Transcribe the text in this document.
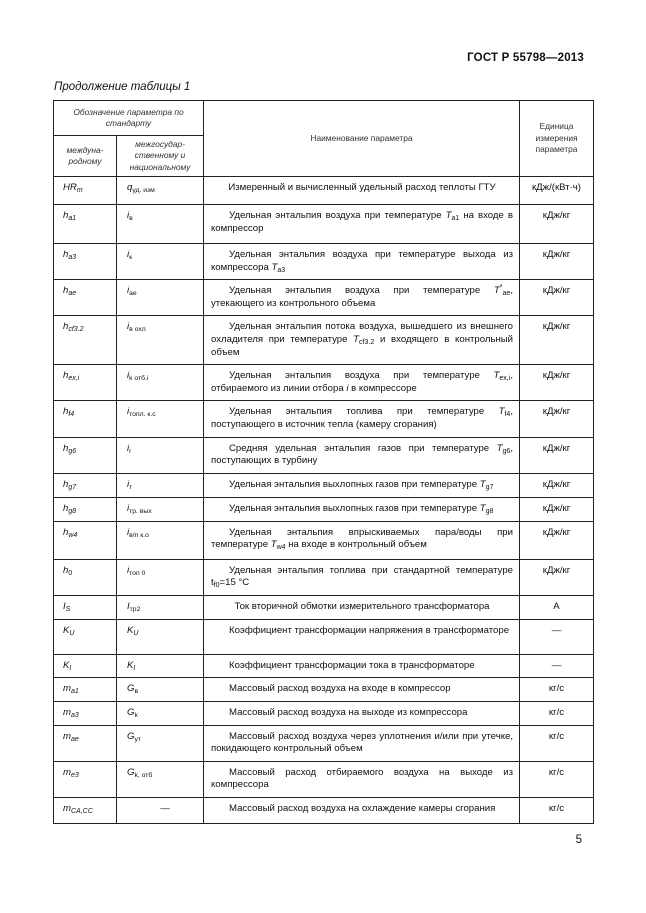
ГОСТ Р 55798—2013
Продолжение таблицы 1
Обозначение параметра по стандарту		Наименование параметра	Единица измерения параметра
междуна-родному	межгосудар-ственному и национальному		
$HR_m$	$q_{уд. изм}$	Измеренный и вычисленный удельный расход теплоты ГТУ	кДж/(кВт·ч)
$h_{a1}$	$i_в$	Удельная энтальпия воздуха при температуре $T_{a1}$ на входе в компрессор	кДж/кг
$h_{a3}$	$i_к$	Удельная энтальпия воздуха при температуре выхода из компрессора $T_{a3}$	кДж/кг
$h_{ae}$	$i_{ае}$	Удельная энтальпия воздуха при температуре $T^*_{ae}$, утекающего из контрольного объема	кДж/кг
$h_{cf3.2}$	$i_{в охл}$	Удельная энтальпия потока воздуха, вышедшего из внешнего охладителя при температуре $T_{cf3.2}$ и входящего в контрольный объем	кДж/кг
$h_{ex,i}$	$i_{k отб.i}$	Удельная энтальпия воздуха при температуре $T_{ex,i}$, отбираемого из линии отбора i в компрессоре	кДж/кг
$h_{f4}$	$i_{топл. к.с}$	Удельная энтальпия топлива при температуре $T_{f4}$, поступающего в источник тепла (камеру сгорания)	кДж/кг
$h_{g6}$	$i_г$	Средняя удельная энтальпия газов при температуре $T_{g6}$, поступающих в турбину	кДж/кг
$h_{g7}$	$i_т$	Удельная энтальпия выхлопных газов при температуре $T_{g7}$	кДж/кг
$h_{g8}$	$i_{тр. вых}$	Удельная энтальпия выхлопных газов при температуре $T_{g8}$	кДж/кг
$h_{w4}$	$i_{в/п к.о}$	Удельная энтальпия впрыскиваемых пара/воды при температуре $T_{w4}$ на входе в контрольный объем	кДж/кг
$h_0$	$i_{топ 0}$	Удельная энтальпия топлива при стандартной температуре $t_{f0}=15$ °C	кДж/кг
$I_S$	$I_{тр2}$	Ток вторичной обмотки измерительного трансформатора	А
$K_U$	$K_U$	Коэффициент трансформации напряжения в трансформаторе	—
$K_I$	$K_I$	Коэффициент трансформации тока в трансформаторе	—
$m_{a1}$	$G_в$	Массовый расход воздуха на входе в компрессор	кг/с
$m_{a3}$	$G_k$	Массовый расход воздуха на выходе из компрессора	кг/с
$m_{ae}$	$G_{ут}$	Массовый расход воздуха через уплотнения и/или при утечке, покидающего контрольный объем	кг/с
$m_{e3}$	$G_{k, отб}$	Массовый расход отбираемого воздуха на выходе из компрессора	кг/с
$m_{CA,CC}$	—	Массовый расход воздуха на охлаждение камеры сгорания	кг/с
5
